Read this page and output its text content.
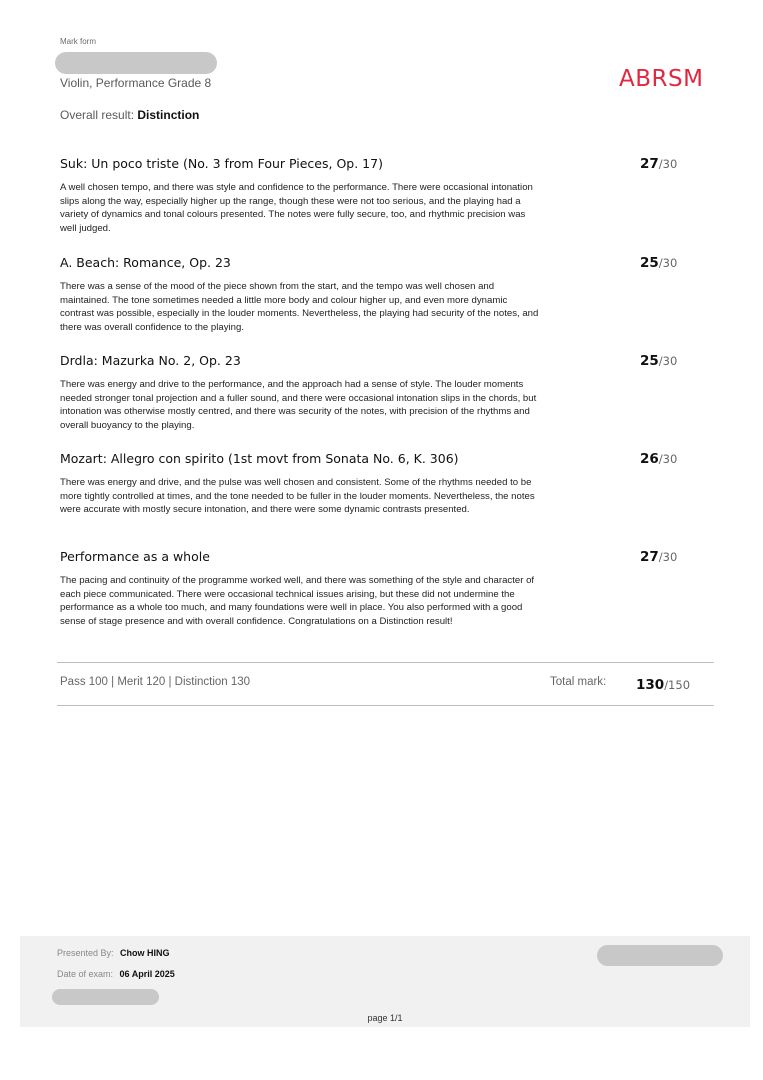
Mark form
Violin, Performance Grade 8	ABRSM
Overall result: Distinction
Suk: Un poco triste (No. 3 from Four Pieces, Op. 17)	27/30
A well chosen tempo, and there was style and confidence to the performance. There were occasional intonation slips along the way, especially higher up the range, though these were not too serious, and the playing had a variety of dynamics and tonal colours presented. The notes were fully secure, too, and rhythmic precision was well judged.
A. Beach: Romance, Op. 23	25/30
There was a sense of the mood of the piece shown from the start, and the tempo was well chosen and maintained. The tone sometimes needed a little more body and colour higher up, and even more dynamic contrast was possible, especially in the louder moments. Nevertheless, the playing had security of the notes, and there was overall confidence to the playing.
Drdla: Mazurka No. 2, Op. 23	25/30
There was energy and drive to the performance, and the approach had a sense of style. The louder moments needed stronger tonal projection and a fuller sound, and there were occasional intonation slips in the chords, but intonation was otherwise mostly centred, and there was security of the notes, with precision of the rhythms and overall buoyancy to the playing.
Mozart: Allegro con spirito (1st movt from Sonata No. 6, K. 306)	26/30
There was energy and drive, and the pulse was well chosen and consistent. Some of the rhythms needed to be more tightly controlled at times, and the tone needed to be fuller in the louder moments. Nevertheless, the notes were accurate with mostly secure intonation, and there were some dynamic contrasts presented.
Performance as a whole	27/30
The pacing and continuity of the programme worked well, and there was something of the style and character of each piece communicated. There were occasional technical issues arising, but these did not undermine the performance as a whole too much, and many foundations were well in place. You also performed with a good sense of stage presence and with overall confidence. Congratulations on a Distinction result!
Pass 100 | Merit 120 | Distinction 130	Total mark: 130/150
Presented By: Chow HING
Date of exam: 06 April 2025
page 1/1
